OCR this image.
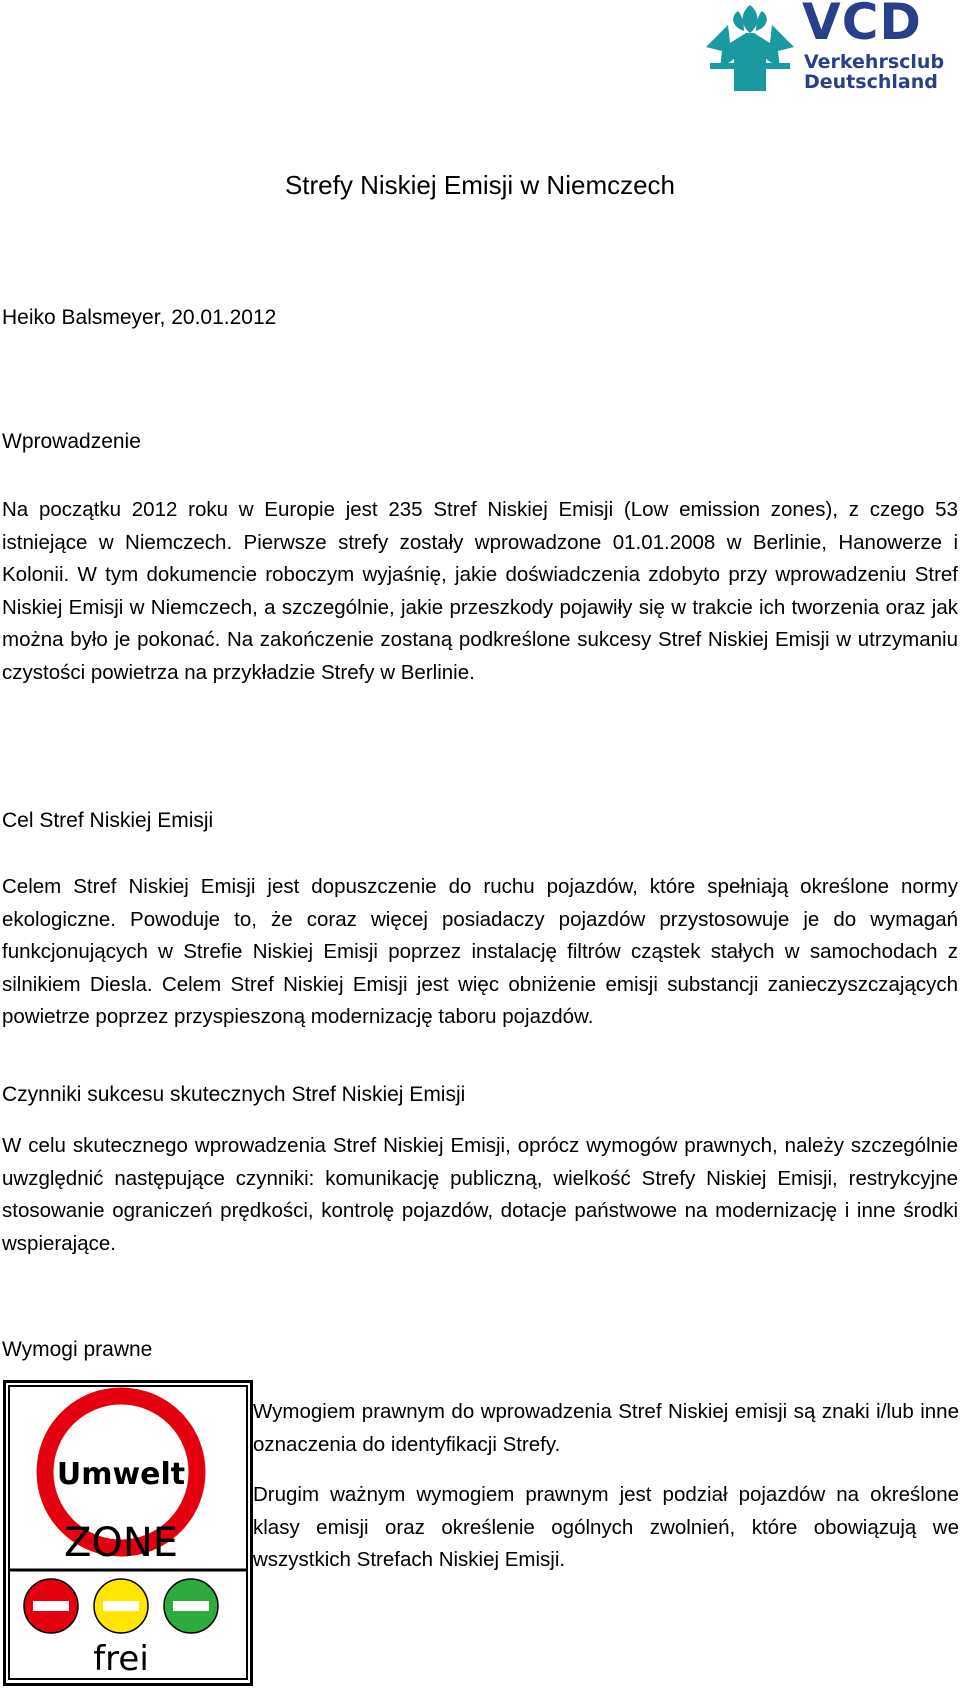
VCD
Verkehrsclub
Deutschland
Strefy Niskiej Emisji w Niemczech

Heiko Balsmeyer, 20.01.2012

Wprowadzenie

Na początku 2012 roku w Europie jest 235 Stref Niskiej Emisji (Low emission zones), z czego 53 istniejące w Niemczech. Pierwsze strefy zostały wprowadzone 01.01.2008 w Berlinie, Hanowerze i Kolonii. W tym dokumencie roboczym wyjaśnię, jakie doświadczenia zdobyto przy wprowadzeniu Stref Niskiej Emisji w Niemczech, a szczególnie, jakie przeszkody pojawiły się w trakcie ich tworzenia oraz jak można było je pokonać. Na zakończenie zostaną podkreślone sukcesy Stref Niskiej Emisji w utrzymaniu czystości powietrza na przykładzie Strefy w Berlinie.

Cel Stref Niskiej Emisji

Celem Stref Niskiej Emisji jest dopuszczenie do ruchu pojazdów, które spełniają określone normy ekologiczne. Powoduje to, że coraz więcej posiadaczy pojazdów przystosowuje je do wymagań funkcjonujących w Strefie Niskiej Emisji poprzez instalację filtrów cząstek stałych w samochodach z silnikiem Diesla. Celem Stref Niskiej Emisji jest więc obniżenie emisji substancji zanieczyszczających powietrze poprzez przyspieszoną modernizację taboru pojazdów.

Czynniki sukcesu skutecznych Stref Niskiej Emisji

W celu skutecznego wprowadzenia Stref Niskiej Emisji, oprócz wymogów prawnych, należy szczególnie uwzględnić następujące czynniki: komunikację publiczną, wielkość Strefy Niskiej Emisji, restrykcyjne stosowanie ograniczeń prędkości, kontrolę pojazdów, dotacje państwowe na modernizację i inne środki wspierające.

Wymogi prawne
Umwelt
ZONE
frei

Wymogiem prawnym do wprowadzenia Stref Niskiej emisji są znaki i/lub inne oznaczenia do identyfikacji Strefy.

Drugim ważnym wymogiem prawnym jest podział pojazdów na określone klasy emisji oraz określenie ogólnych zwolnień, które obowiązują we wszystkich Strefach Niskiej Emisji.
